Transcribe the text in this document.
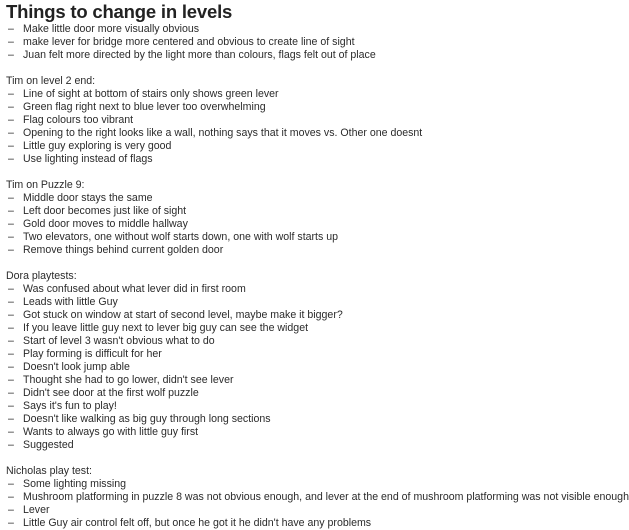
Things to change in levels
– Make little door more visually obvious
– make lever for bridge more centered and obvious to create line of sight
– Juan felt more directed by the light more than colours, flags felt out of place
Tim on level 2 end:
– Line of sight at bottom of stairs only shows green lever
– Green flag right next to blue lever too overwhelming
– Flag colours too vibrant
– Opening to the right looks like a wall, nothing says that it moves vs. Other one doesnt
– Little guy exploring is very good
– Use lighting instead of flags
Tim on Puzzle 9:
– Middle door stays the same
– Left door becomes just like of sight
– Gold door moves to middle hallway
– Two elevators, one without wolf starts down, one with wolf starts up
– Remove things behind current golden door
Dora playtests:
– Was confused about what lever did in first room
– Leads with little Guy
– Got stuck on window at start of second level, maybe make it bigger?
– If you leave little guy next to lever big guy can see the widget
– Start of level 3 wasn't obvious what to do
– Play forming is difficult for her
– Doesn't look jump able
– Thought she had to go lower, didn't see lever
– Didn't see door at the first wolf puzzle
– Says it's fun to play!
– Doesn't like walking as big guy through long sections
– Wants to always go with little guy first
– Suggested
Nicholas play test:
– Some lighting missing
– Mushroom platforming in puzzle 8 was not obvious enough, and lever at the end of mushroom platforming was not visible enough
– Lever
– Little Guy air control felt off, but once he got it he didn't have any problems
